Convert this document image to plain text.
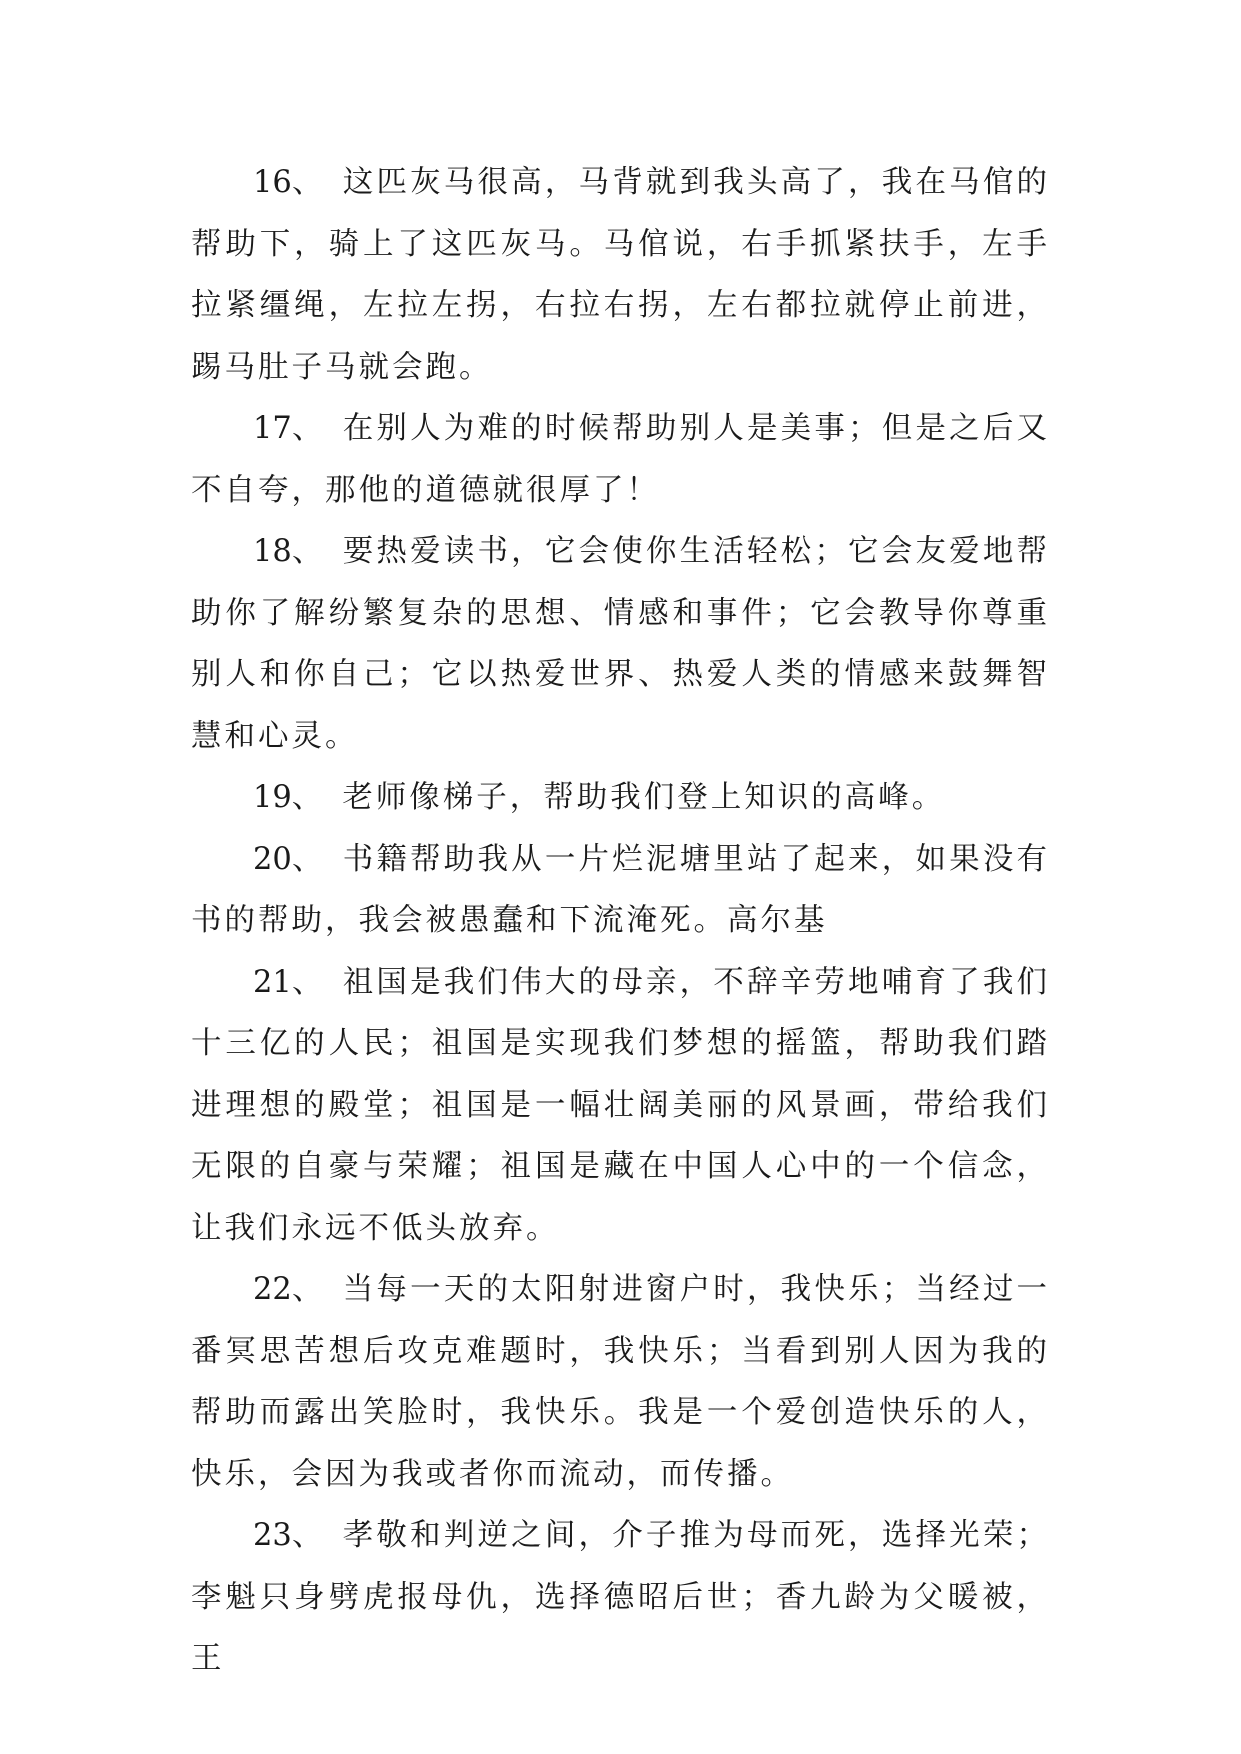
16、 这匹灰马很高，马背就到我头高了，我在马倌的帮助下，骑上了这匹灰马。马倌说，右手抓紧扶手，左手拉紧缰绳，左拉左拐，右拉右拐，左右都拉就停止前进，踢马肚子马就会跑。

17、 在别人为难的时候帮助别人是美事；但是之后又不自夸，那他的道德就很厚了！

18、 要热爱读书，它会使你生活轻松；它会友爱地帮助你了解纷繁复杂的思想、情感和事件；它会教导你尊重别人和你自己；它以热爱世界、热爱人类的情感来鼓舞智慧和心灵。

19、 老师像梯子，帮助我们登上知识的高峰。

20、 书籍帮助我从一片烂泥塘里站了起来，如果没有书的帮助，我会被愚蠢和下流淹死。高尔基

21、 祖国是我们伟大的母亲，不辞辛劳地哺育了我们十三亿的人民；祖国是实现我们梦想的摇篮，帮助我们踏进理想的殿堂；祖国是一幅壮阔美丽的风景画，带给我们无限的自豪与荣耀；祖国是藏在中国人心中的一个信念，让我们永远不低头放弃。

22、 当每一天的太阳射进窗户时，我快乐；当经过一番冥思苦想后攻克难题时，我快乐；当看到别人因为我的帮助而露出笑脸时，我快乐。我是一个爱创造快乐的人，快乐，会因为我或者你而流动，而传播。

23、 孝敬和判逆之间，介子推为母而死，选择光荣；李魁只身劈虎报母仇，选择德昭后世；香九龄为父暖被，王
